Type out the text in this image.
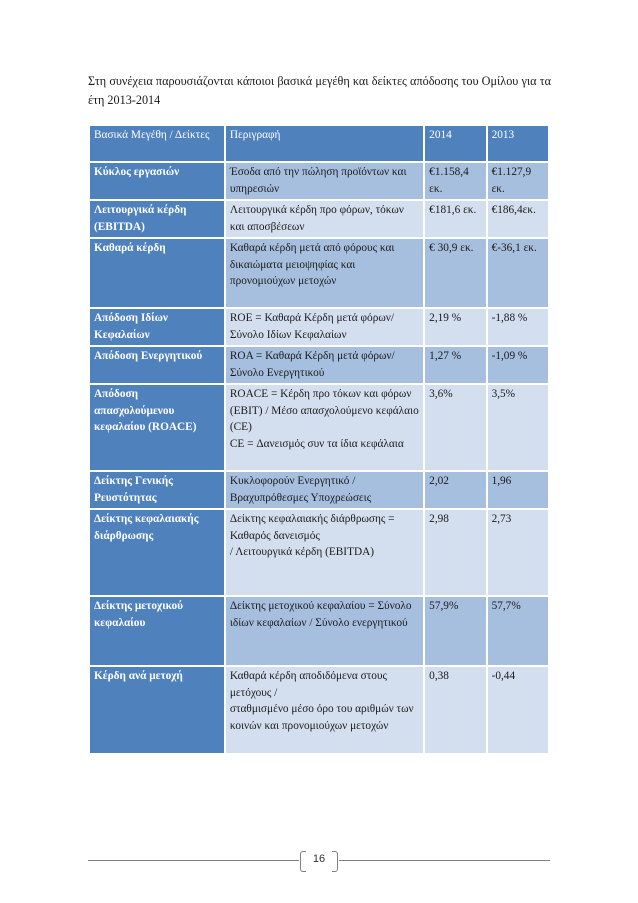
Στη συνέχεια παρουσιάζονται κάποιοι βασικά μεγέθη και δείκτες απόδοσης του Ομίλου για τα έτη 2013-2014

Βασικά Μεγέθη / Δείκτες	Περιγραφή	2014	2013
Κύκλος εργασιών	Έσοδα από την πώληση προϊόντων και υπηρεσιών	€1.158,4 εκ.	€1.127,9 εκ.
Λειτουργικά κέρδη (EBITDA)	Λειτουργικά κέρδη προ φόρων, τόκων και αποσβέσεων	€181,6 εκ.	€186,4εκ.
Καθαρά κέρδη	Καθαρά κέρδη μετά από φόρους και
δικαιώματα μειοψηφίας και προνομιούχων μετοχών	€ 30,9 εκ.	€-36,1 εκ.
Απόδοση Ιδίων Κεφαλαίων	ROE = Καθαρά Κέρδη μετά φόρων/Σύνολο Ιδίων Κεφαλαίων	2,19 %	-1,88 %
Απόδοση Ενεργητικού	ROA = Καθαρά Κέρδη μετά φόρων/Σύνολο Ενεργητικού	1,27 %	-1,09 %
Απόδοση απασχολούμενου κεφαλαίου (ROACE)	ROACE = Κέρδη προ τόκων και φόρων (EBIT) / Μέσο απασχολούμενο κεφάλαιο (CE)
CE = Δανεισμός συν τα ίδια κεφάλαια	3,6%	3,5%
Δείκτης Γενικής Ρευστότητας	Κυκλοφορούν Ενεργητικό / Βραχυπρόθεσμες Υποχρεώσεις	2,02	1,96
Δείκτης κεφαλαιακής διάρθρωσης	Δείκτης κεφαλαιακής διάρθρωσης = Καθαρός δανεισμός
/ Λειτουργικά κέρδη (EBITDA)	2,98	2,73
Δείκτης μετοχικού κεφαλαίου	Δείκτης μετοχικού κεφαλαίου = Σύνολο ιδίων κεφαλαίων / Σύνολο ενεργητικού	57,9%	57,7%
Κέρδη ανά μετοχή	Καθαρά κέρδη αποδιδόμενα στους μετόχους /
σταθμισμένο μέσο όρο του αριθμών των κοινών και προνομιούχων μετοχών	0,38	-0,44
16
